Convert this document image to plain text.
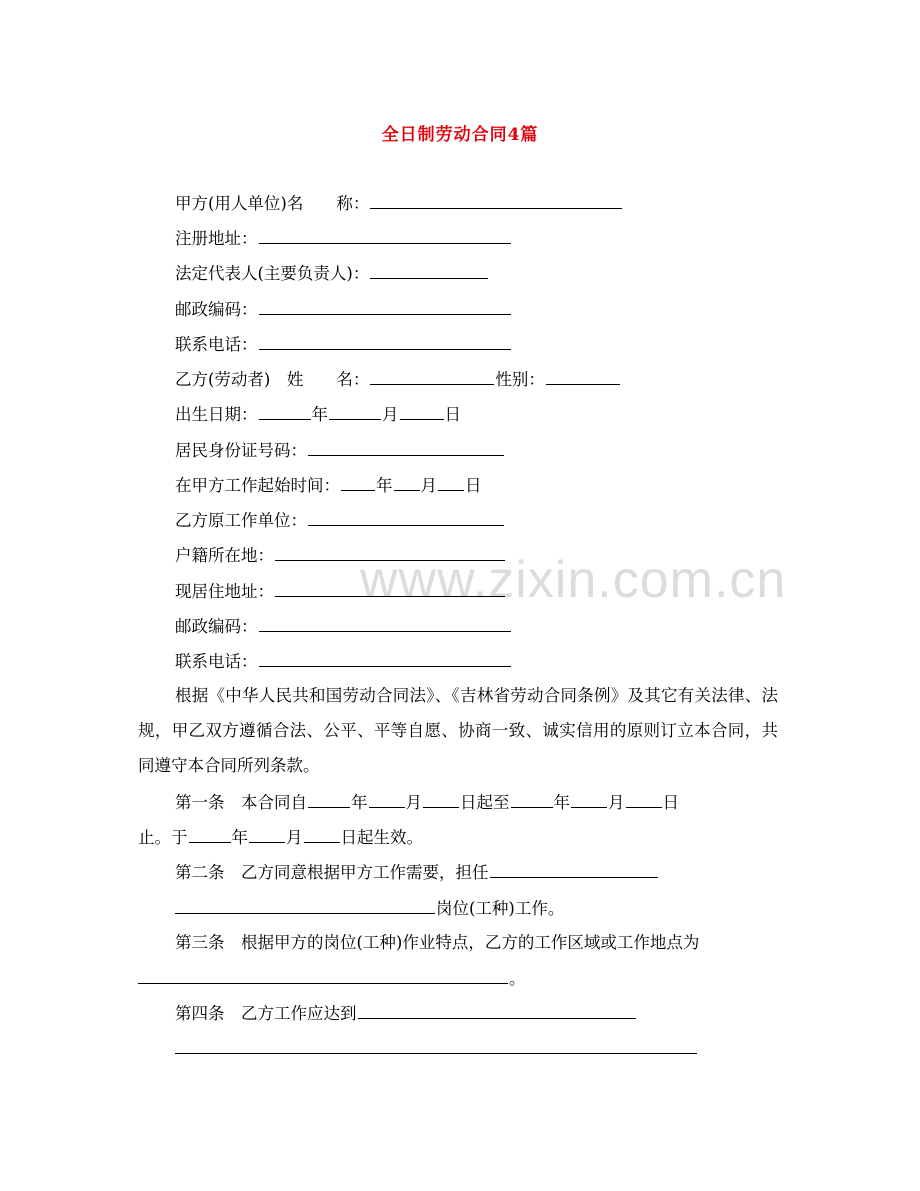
全日制劳动合同4篇
www.zixin.com.cn
甲方(用人单位)名　　称：
注册地址：
法定代表人(主要负责人)：
邮政编码：
联系电话：
乙方(劳动者)　姓　　名：	性别：
出生日期：	年	月	日
居民身份证号码：
在甲方工作起始时间： 年 月 日
乙方原工作单位：
户籍所在地：
现居住地址：
邮政编码：
联系电话：
根据《中华人民共和国劳动合同法》、《吉林省劳动合同条例》及其它有关法律、法规，甲乙双方遵循合法、公平、平等自愿、协商一致、诚实信用的原则订立本合同，共同遵守本合同所列条款。
第一条　本合同自	年 月 日起至	年 月 日
止。于	年 月 日起生效。
第二条　乙方同意根据甲方工作需要，担任
岗位(工种)工作。
第三条　根据甲方的岗位(工种)作业特点，乙方的工作区域或工作地点为
。
第四条　乙方工作应达到
